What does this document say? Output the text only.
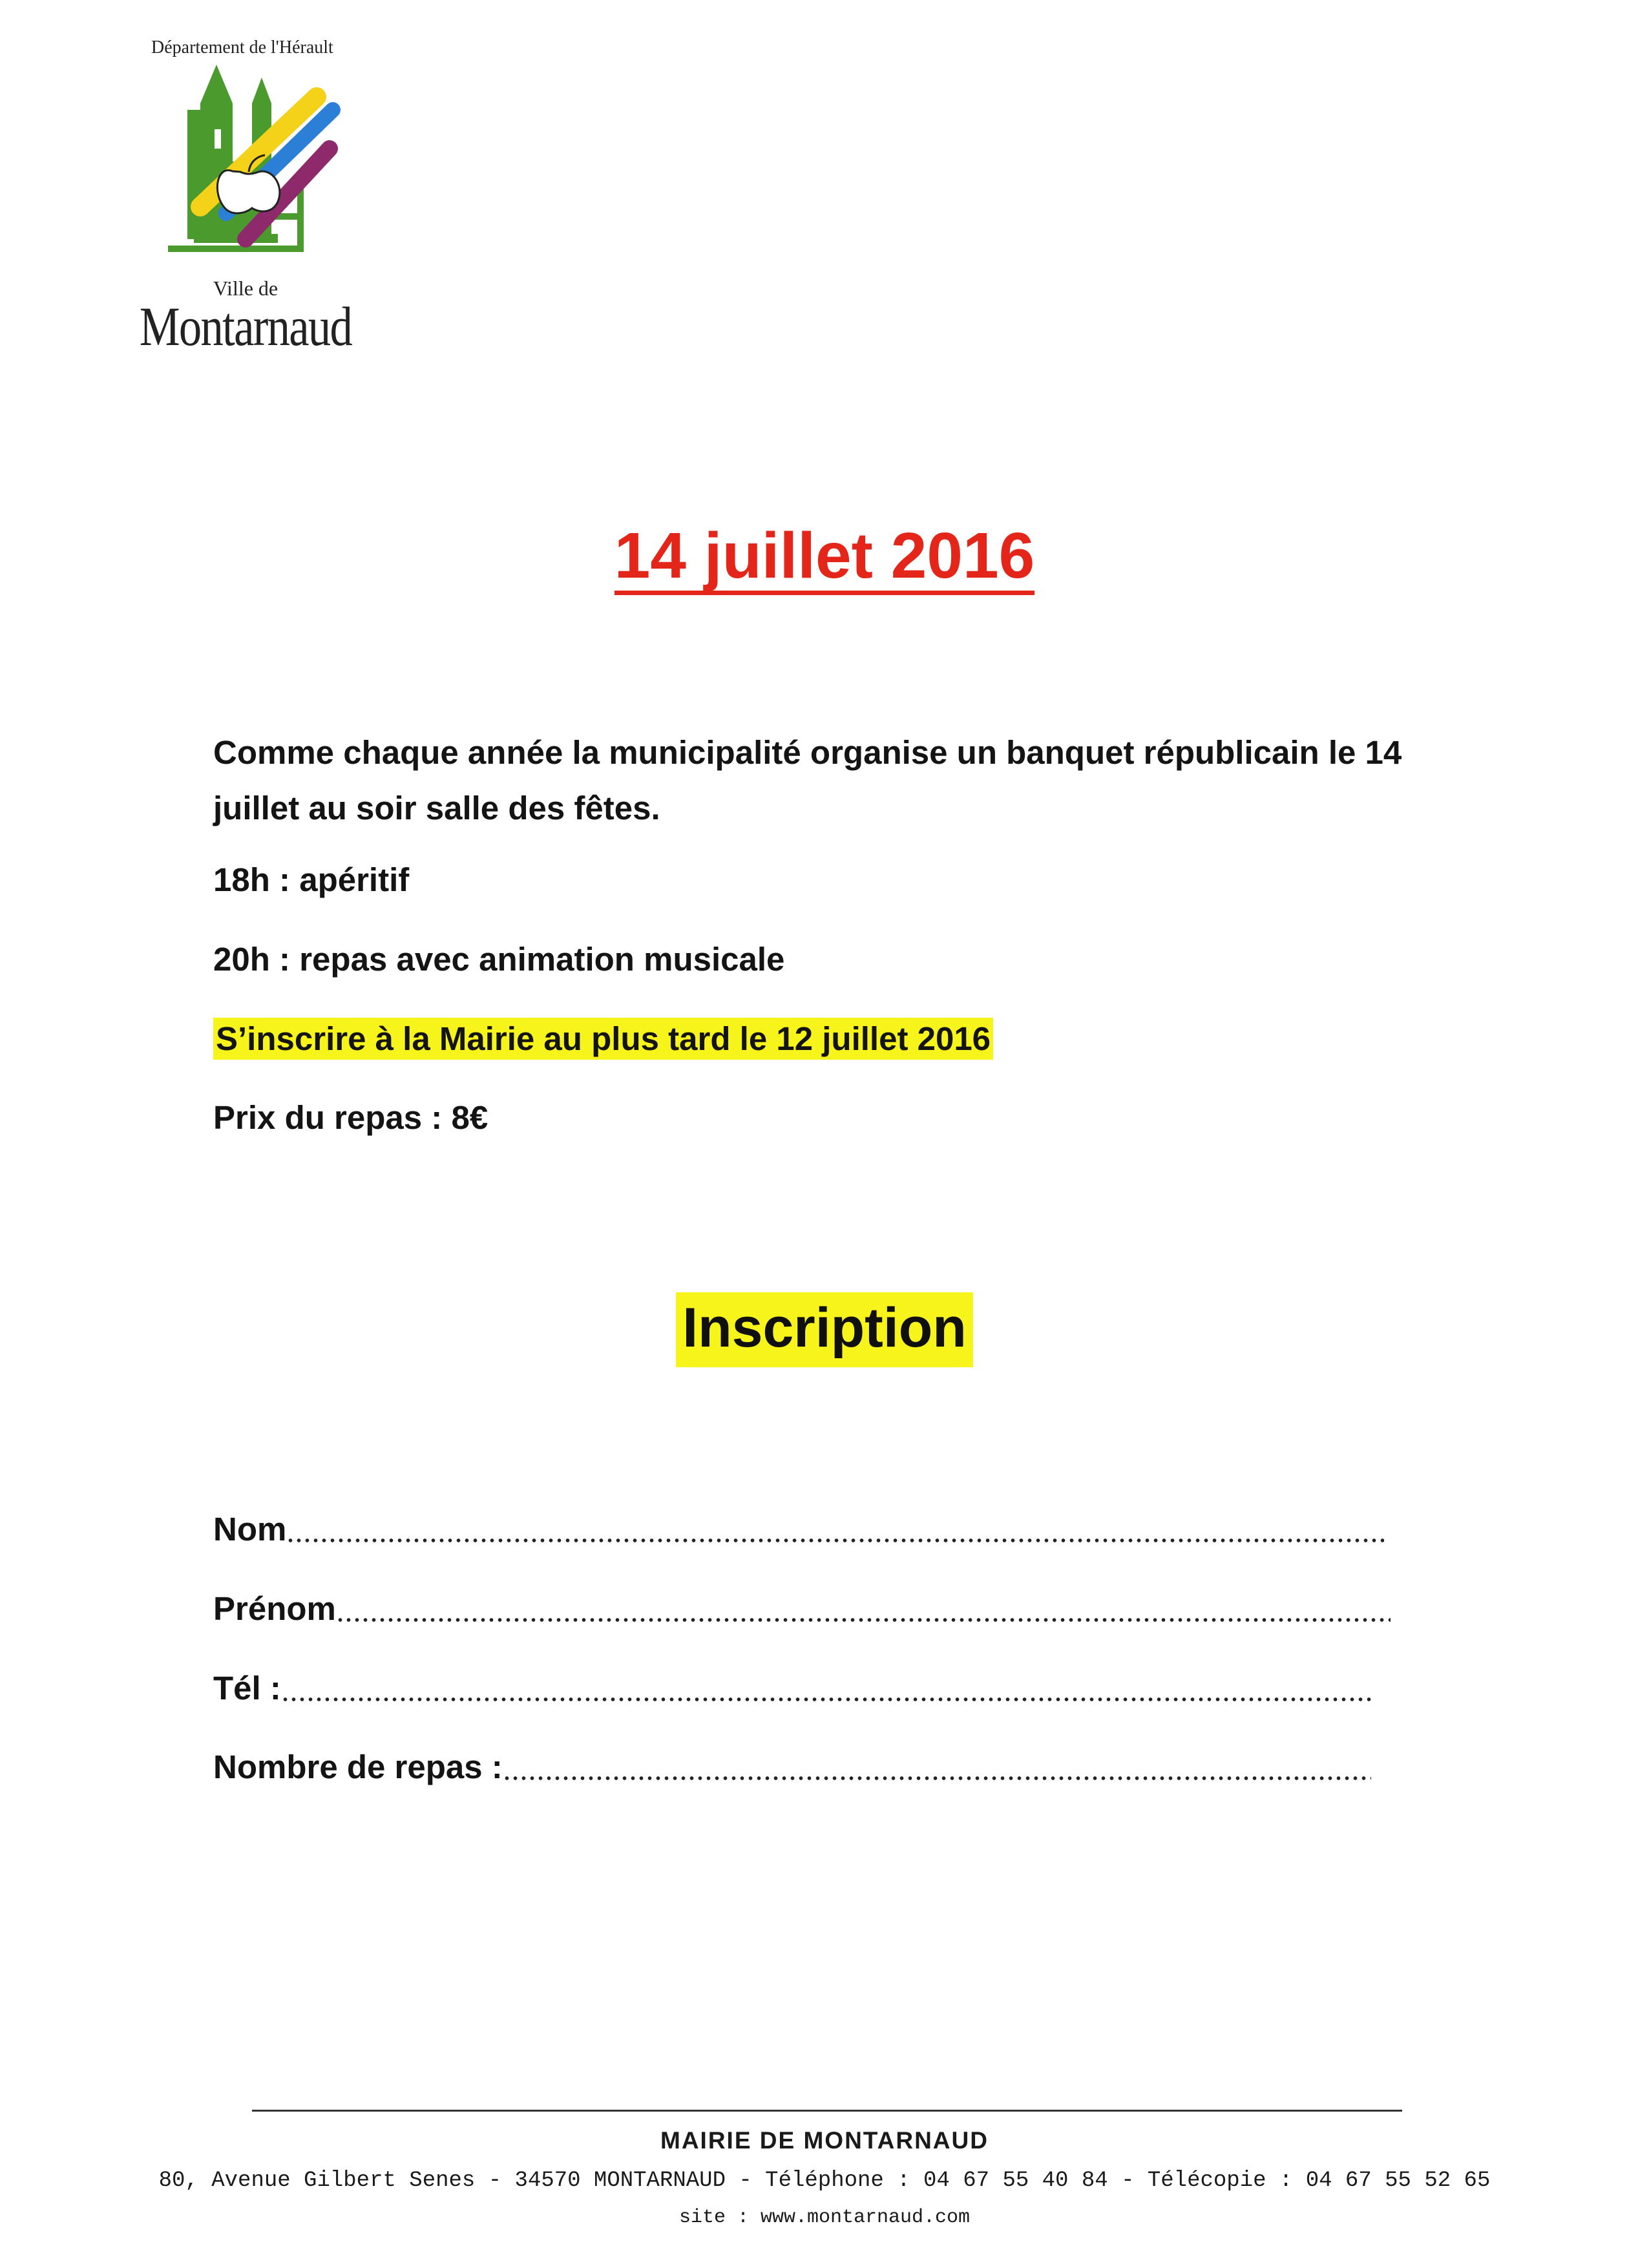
Département de l'Hérault
Ville de
Montarnaud
14 juillet 2016
Comme chaque année la municipalité organise un banquet républicain le 14 juillet au soir salle des fêtes.
18h : apéritif
20h : repas avec animation musicale
S’inscrire à la Mairie au plus tard le 12 juillet 2016
Prix du repas : 8€
Inscription
Nom
Prénom
Tél :
Nombre de repas :
MAIRIE DE MONTARNAUD
80, Avenue Gilbert Senes - 34570 MONTARNAUD - Téléphone : 04 67 55 40 84 - Télécopie : 04 67 55 52 65
site : www.montarnaud.com
